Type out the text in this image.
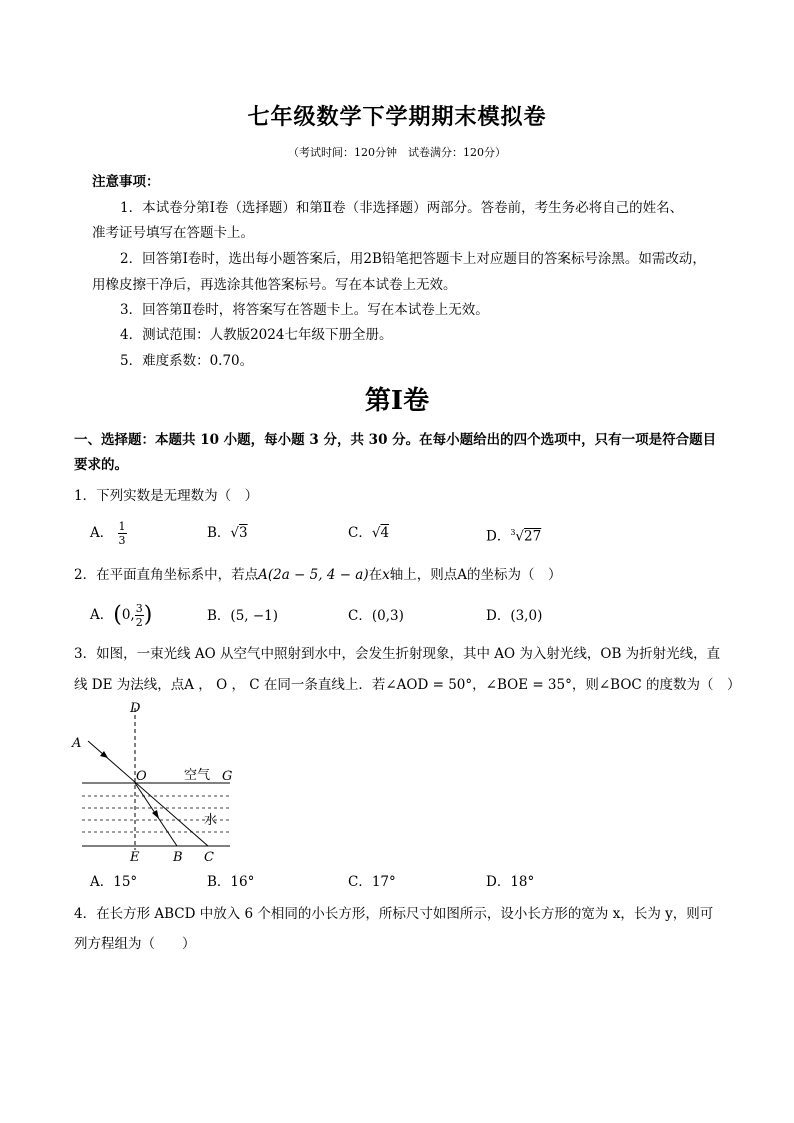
七年级数学下学期期末模拟卷
（考试时间：120分钟　试卷满分：120分）
注意事项：
1．本试卷分第Ⅰ卷（选择题）和第Ⅱ卷（非选择题）两部分。答卷前，考生务必将自己的姓名、
准考证号填写在答题卡上。
2．回答第Ⅰ卷时，选出每小题答案后，用2B铅笔把答题卡上对应题目的答案标号涂黑。如需改动，
用橡皮擦干净后，再选涂其他答案标号。写在本试卷上无效。
3．回答第Ⅱ卷时，将答案写在答题卡上。写在本试卷上无效。
4．测试范围：人教版2024七年级下册全册。
5．难度系数：0.70。
第Ⅰ卷
一、选择题：本题共 10 小题，每小题 3 分，共 30 分。在每小题给出的四个选项中，只有一项是符合题目
要求的。
1．下列实数是无理数为（　）
A． $\frac{1}{3}$	B．√3	C．√4	D．$^3$√27
2．在平面直角坐标系中，若点A(2a − 5, 4 − a)在x轴上，则点A的坐标为（　）
A．(0, $\frac{3}{2}$ )	B．(5, −1)	C．(0,3)	D．(3,0)
3．如图，一束光线 AO 从空气中照射到水中，会发生折射现象，其中 AO 为入射光线，OB 为折射光线，直
线 DE 为法线，点A ， O ， C 在同一条直线上．若∠AOD = 50°，∠BOE = 35°，则∠BOC 的度数为（　）
D
A
O	空气 G
水
E	B C
A．15°	B．16°	C．17°	D．18°
4．在长方形 ABCD 中放入 6 个相同的小长方形，所标尺寸如图所示，设小长方形的宽为 x，长为 y，则可
列方程组为（　　）
